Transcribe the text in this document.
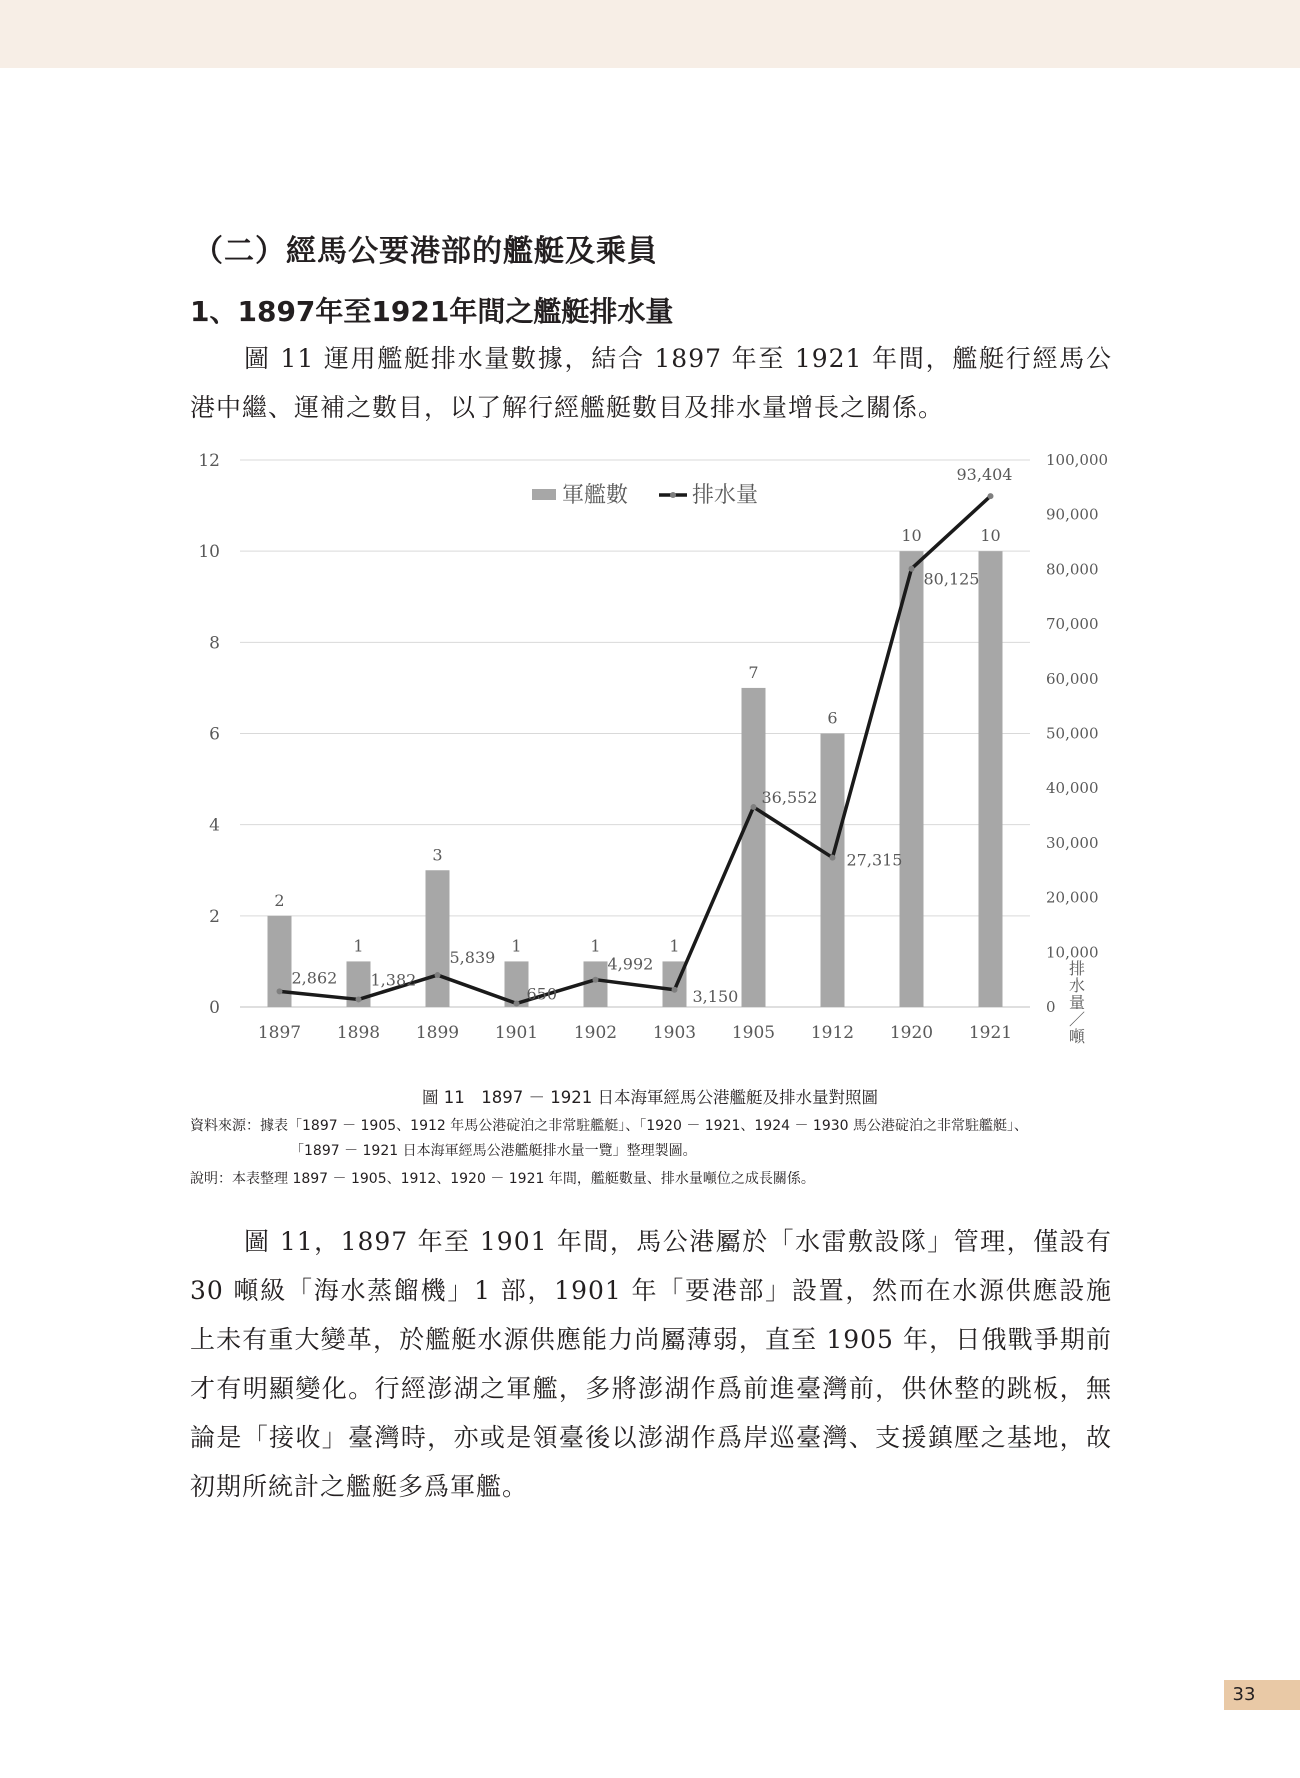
（二）經馬公要港部的艦艇及乘員
1、1897年至1921年間之艦艇排水量

圖 11 運用艦艇排水量數據，結合 1897 年至 1921 年間，艦艇行經馬公港中繼、運補之數目，以了解行經艦艇數目及排水量增長之關係。

0
2
4
6
8
10
12
0
10,000
20,000
30,000
40,000
50,000
60,000
70,000
80,000
90,000
100,000
排
水
量
／
噸
2
1
3
1	1	1
7
6
10	10
1897 1898 1899 1901 1902 1903 1905 1912 1920 1921
2,862 1,382
5,839
650
4,992
3,150
36,552
27,315
80,125
93,404
軍艦數	排水量

圖 11　1897 － 1921 日本海軍經馬公港艦艇及排水量對照圖

資料來源：據表「1897 － 1905、1912 年馬公港碇泊之非常駐艦艇」、「1920 － 1921、1924 － 1930 馬公港碇泊之非常駐艦艇」、

「1897 － 1921 日本海軍經馬公港艦艇排水量一覽」整理製圖。

說明：本表整理 1897 － 1905、1912、1920 － 1921 年間，艦艇數量、排水量噸位之成長關係。

圖 11，1897 年至 1901 年間，馬公港屬於「水雷敷設隊」管理，僅設有 30 噸級「海水蒸餾機」1 部，1901 年「要港部」設置，然而在水源供應設施上未有重大變革，於艦艇水源供應能力尚屬薄弱，直至 1905 年，日俄戰爭期前才有明顯變化。行經澎湖之軍艦，多將澎湖作爲前進臺灣前，供休整的跳板，無論是「接收」臺灣時，亦或是領臺後以澎湖作爲岸巡臺灣、支援鎮壓之基地，故初期所統計之艦艇多爲軍艦。

33
